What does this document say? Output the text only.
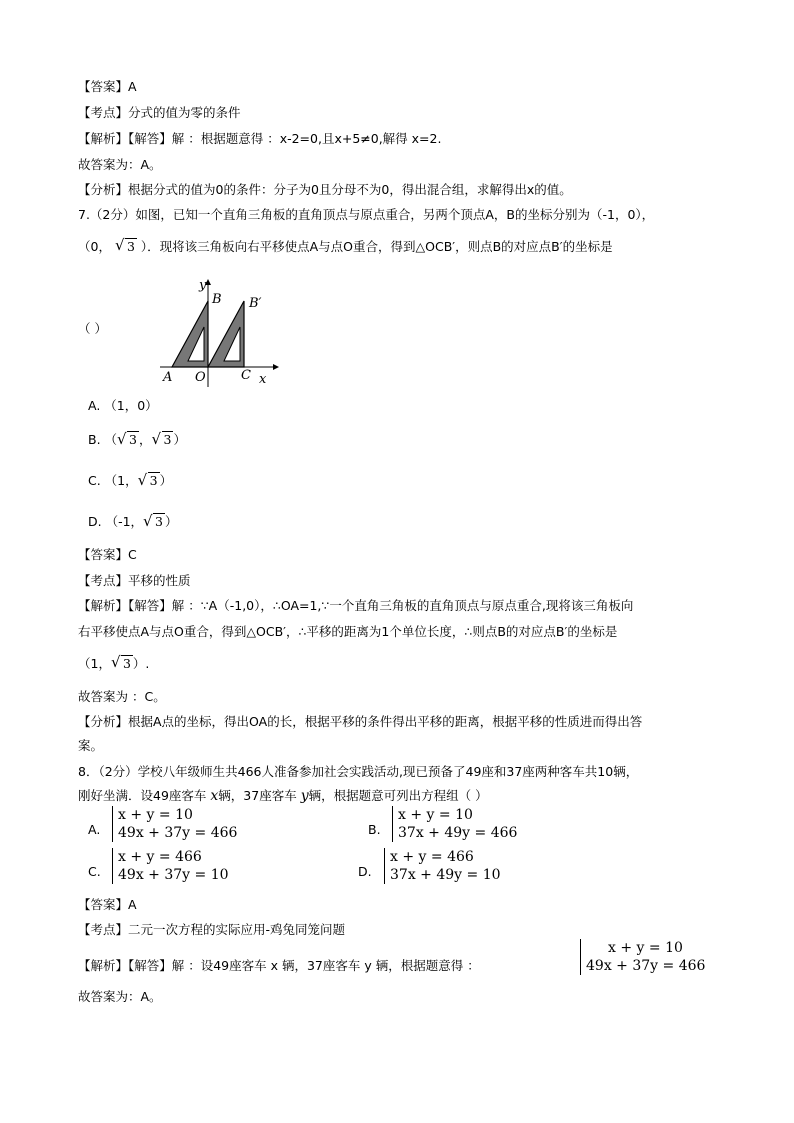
【答案】A
【考点】分式的值为零的条件
【解析】【解答】解 ：根据题意得 ：x-2=0,且x+5≠0,解得 x=2.
故答案为：A。
【分析】根据分式的值为0的条件：分子为0且分母不为0，得出混合组，求解得出x的值。
7.（2分）如图，已知一个直角三角板的直角顶点与原点重合，另两个顶点A，B的坐标分别为（-1，0），
（0， √ 3 ）．现将该三角板向右平移使点A与点O重合，得到△OCB′，则点B的对应点B′的坐标是
（ ）
y
B B′
A O	C x
A. （1，0）
B. （ √ 3 ， √ 3 ）
C. （1， √ 3 ）
D. （-1， √ 3 ）
【答案】C
【考点】平移的性质
【解析】【解答】解 ：∵A（-1,0），∴OA=1,∵一个直角三角板的直角顶点与原点重合,现将该三角板向
右平移使点A与点O重合，得到△OCB′，∴平移的距离为1个单位长度，∴则点B的对应点B′的坐标是
（1， √ 3 ）.
故答案为 ：C。
【分析】根据A点的坐标，得出OA的长，根据平移的条件得出平移的距离，根据平移的性质进而得出答
案。
8．（2分）学校八年级师生共466人准备参加社会实践活动,现已预备了49座和37座两种客车共10辆，
刚好坐满．设49座客车 x辆，37座客车 y辆，根据题意可列出方程组（ ）
A.
x + y = 10
49x + 37y = 466	B.
x + y = 10
37x + 49y = 466
C.
x + y = 466
49x + 37y = 10	D.
x + y = 466
37x + 49y = 10
【答案】A
【考点】二元一次方程的实际应用-鸡兔同笼问题
【解析】【解答】解 ：设49座客车 x 辆，37座客车 y 辆，根据题意得 ：
x + y = 10
49x + 37y = 466
故答案为：A。
